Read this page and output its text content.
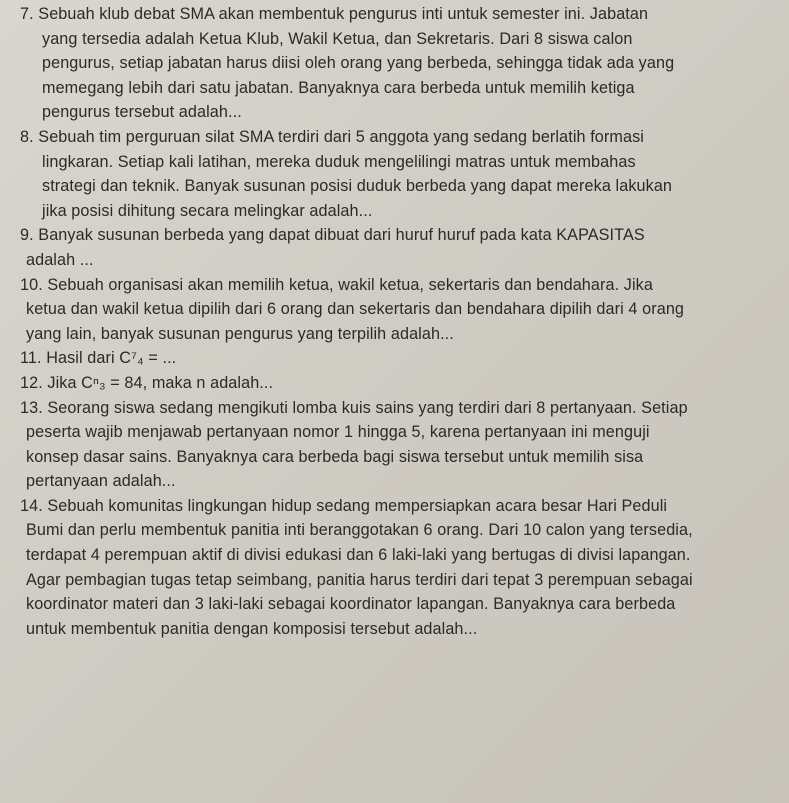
7. Sebuah klub debat SMA akan membentuk pengurus inti untuk semester ini. Jabatan
yang tersedia adalah Ketua Klub, Wakil Ketua, dan Sekretaris. Dari 8 siswa calon
pengurus, setiap jabatan harus diisi oleh orang yang berbeda, sehingga tidak ada yang
memegang lebih dari satu jabatan. Banyaknya cara berbeda untuk memilih ketiga
pengurus tersebut adalah...
8. Sebuah tim perguruan silat SMA terdiri dari 5 anggota yang sedang berlatih formasi
lingkaran. Setiap kali latihan, mereka duduk mengelilingi matras untuk membahas
strategi dan teknik. Banyak susunan posisi duduk berbeda yang dapat mereka lakukan
jika posisi dihitung secara melingkar adalah...
9. Banyak susunan berbeda yang dapat dibuat dari huruf huruf pada kata KAPASITAS
adalah ...
10. Sebuah organisasi akan memilih ketua, wakil ketua, sekertaris dan bendahara. Jika
ketua dan wakil ketua dipilih dari 6 orang dan sekertaris dan bendahara dipilih dari 4 orang
yang lain, banyak susunan pengurus yang terpilih adalah...
11. Hasil dari C⁷₄ = ...
12. Jika Cⁿ₃ = 84, maka n adalah...
13. Seorang siswa sedang mengikuti lomba kuis sains yang terdiri dari 8 pertanyaan. Setiap
peserta wajib menjawab pertanyaan nomor 1 hingga 5, karena pertanyaan ini menguji
konsep dasar sains. Banyaknya cara berbeda bagi siswa tersebut untuk memilih sisa
pertanyaan adalah...
14. Sebuah komunitas lingkungan hidup sedang mempersiapkan acara besar Hari Peduli
Bumi dan perlu membentuk panitia inti beranggotakan 6 orang. Dari 10 calon yang tersedia,
terdapat 4 perempuan aktif di divisi edukasi dan 6 laki-laki yang bertugas di divisi lapangan.
Agar pembagian tugas tetap seimbang, panitia harus terdiri dari tepat 3 perempuan sebagai
koordinator materi dan 3 laki-laki sebagai koordinator lapangan. Banyaknya cara berbeda
untuk membentuk panitia dengan komposisi tersebut adalah...
